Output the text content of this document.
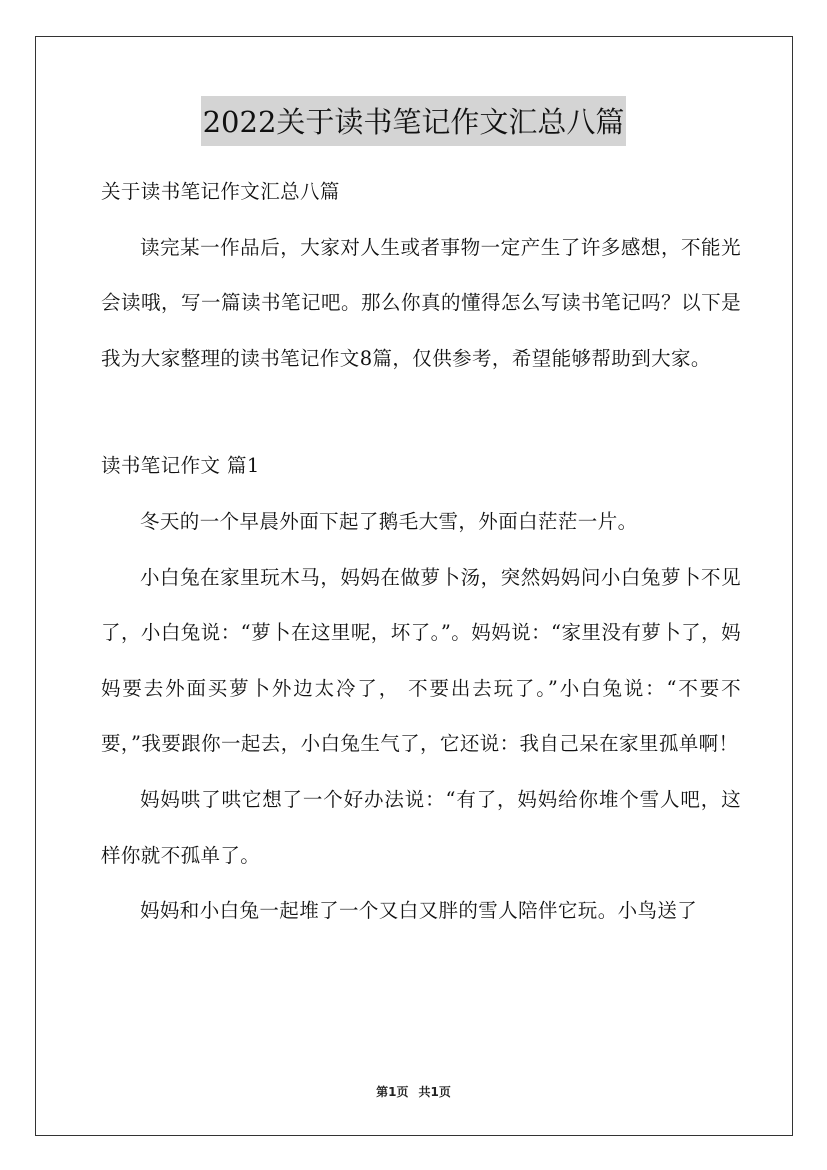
2022关于读书笔记作文汇总八篇

关于读书笔记作文汇总八篇

读完某一作品后，大家对人生或者事物一定产生了许多感想，不能光会读哦，写一篇读书笔记吧。那么你真的懂得怎么写读书笔记吗？以下是我为大家整理的读书笔记作文8篇，仅供参考，希望能够帮助到大家。

读书笔记作文 篇1

冬天的一个早晨外面下起了鹅毛大雪，外面白茫茫一片。

小白兔在家里玩木马，妈妈在做萝卜汤，突然妈妈问小白兔萝卜不见了，小白兔说：“萝卜在这里呢，坏了。”。妈妈说：“家里没有萝卜了，妈妈要去外面买萝卜外边太冷了， 不要出去玩了。”小白兔说：“不要不要，”我要跟你一起去，小白兔生气了，它还说：我自己呆在家里孤单啊！

妈妈哄了哄它想了一个好办法说：“有了，妈妈给你堆个雪人吧，这样你就不孤单了。

妈妈和小白兔一起堆了一个又白又胖的雪人陪伴它玩。小鸟送了

第1页 共1页
